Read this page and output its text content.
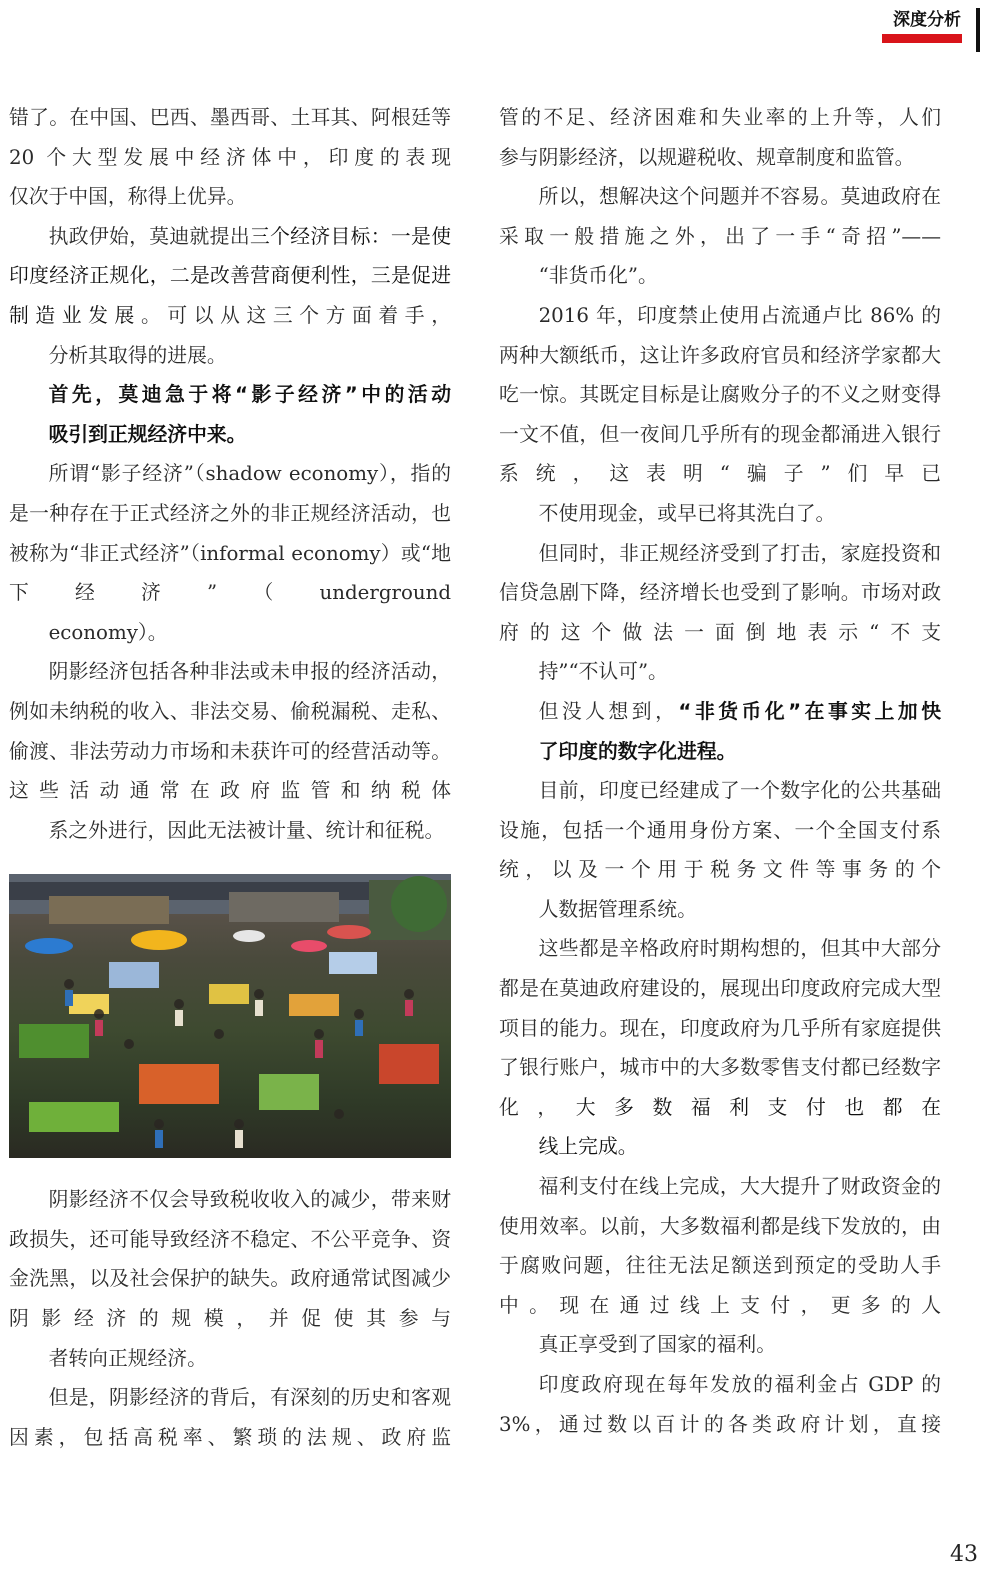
深度分析

错了。在中国、巴西、墨西哥、土耳其、阿根廷等 20 个大型发展中经济体中，印度的表现
仅次于中国，称得上优异。

执政伊始，莫迪就提出三个经济目标：一是使印度经济正规化，二是改善营商便利性，三是促进制造业发展。可以从这三个方面着手，
分析其取得的进展。

首先，莫迪急于将“影子经济”中的活动
吸引到正规经济中来。

所谓“影子经济”（shadow economy），指的是一种存在于正式经济之外的非正规经济活动，也被称为“非正式经济”（informal economy）或“地下经济”（underground
economy）。

阴影经济包括各种非法或未申报的经济活动，例如未纳税的收入、非法交易、偷税漏税、走私、偷渡、非法劳动力市场和未获许可的经营活动等。这些活动通常在政府监管和纳税体
系之外进行，因此无法被计量、统计和征税。

阴影经济不仅会导致税收收入的减少，带来财政损失，还可能导致经济不稳定、不公平竞争、资金洗黑，以及社会保护的缺失。政府通常试图减少阴影经济的规模，并促使其参与
者转向正规经济。

但是，阴影经济的背后，有深刻的历史和客观因素，包括高税率、繁琐的法规、政府监

管的不足、经济困难和失业率的上升等，人们
参与阴影经济，以规避税收、规章制度和监管。

所以，想解决这个问题并不容易。莫迪政府在采取一般措施之外，出了一手“奇招”——
“非货币化”。

2016 年，印度禁止使用占流通卢比 86% 的两种大额纸币，这让许多政府官员和经济学家都大吃一惊。其既定目标是让腐败分子的不义之财变得一文不值，但一夜间几乎所有的现金都涌进入银行系统，这表明“骗子”们早已
不使用现金，或早已将其洗白了。

但同时，非正规经济受到了打击，家庭投资和信贷急剧下降，经济增长也受到了影响。市场对政府的这个做法一面倒地表示“不支
持”“不认可”。

但没人想到，“非货币化”在事实上加快
了印度的数字化进程。

目前，印度已经建成了一个数字化的公共基础设施，包括一个通用身份方案、一个全国支付系统，以及一个用于税务文件等事务的个
人数据管理系统。

这些都是辛格政府时期构想的，但其中大部分都是在莫迪政府建设的，展现出印度政府完成大型项目的能力。现在，印度政府为几乎所有家庭提供了银行账户，城市中的大多数零售支付都已经数字化，大多数福利支付也都在
线上完成。

福利支付在线上完成，大大提升了财政资金的使用效率。以前，大多数福利都是线下发放的，由于腐败问题，往往无法足额送到预定的受助人手中。现在通过线上支付，更多的人
真正享受到了国家的福利。

印度政府现在每年发放的福利金占 GDP 的 3%，通过数以百计的各类政府计划，直接

43
